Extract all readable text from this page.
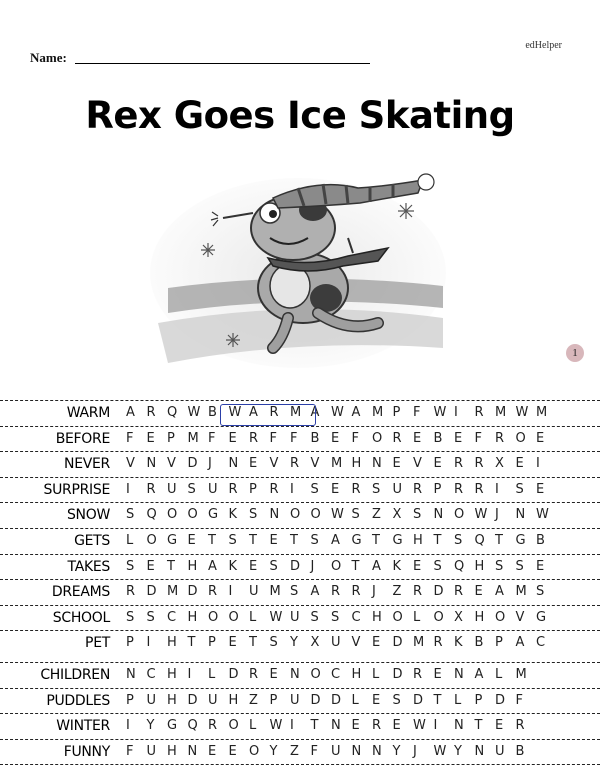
edHelper
Name:
Rex Goes Ice Skating
1
WARM A R Q W B W A R M A W A M P F W I R M W M
BEFORE F E P M F E R F F B E F O R E B E F R O E
NEVER V N V D J N E V R V M H N E V E R R X E I
SURPRISE I R U S U R P R I S E R S U R P R R I S E
SNOW S Q O O G K S N O O W S Z X S N O W J N W
GETS L O G E T S T E T S A G T G H T S Q T G B
TAKES S E T H A K E S D J O T A K E S Q H S S E
DREAMS R D M D R I U M S A R R J Z R D R E A M S
SCHOOL S S C H O O L W U S S C H O L O X H O V G
PET P I H T P E T S Y X U V E D M R K B P A C
CHILDREN N C H I L D R E N O C H L D R E N A L M
PUDDLES P U H D U H Z P U D D L E S D T L P D F
WINTER I Y G Q R O L W I T N E R E W I N T E R
FUNNY F U H N E E O Y Z F U N N Y J W Y N U B
